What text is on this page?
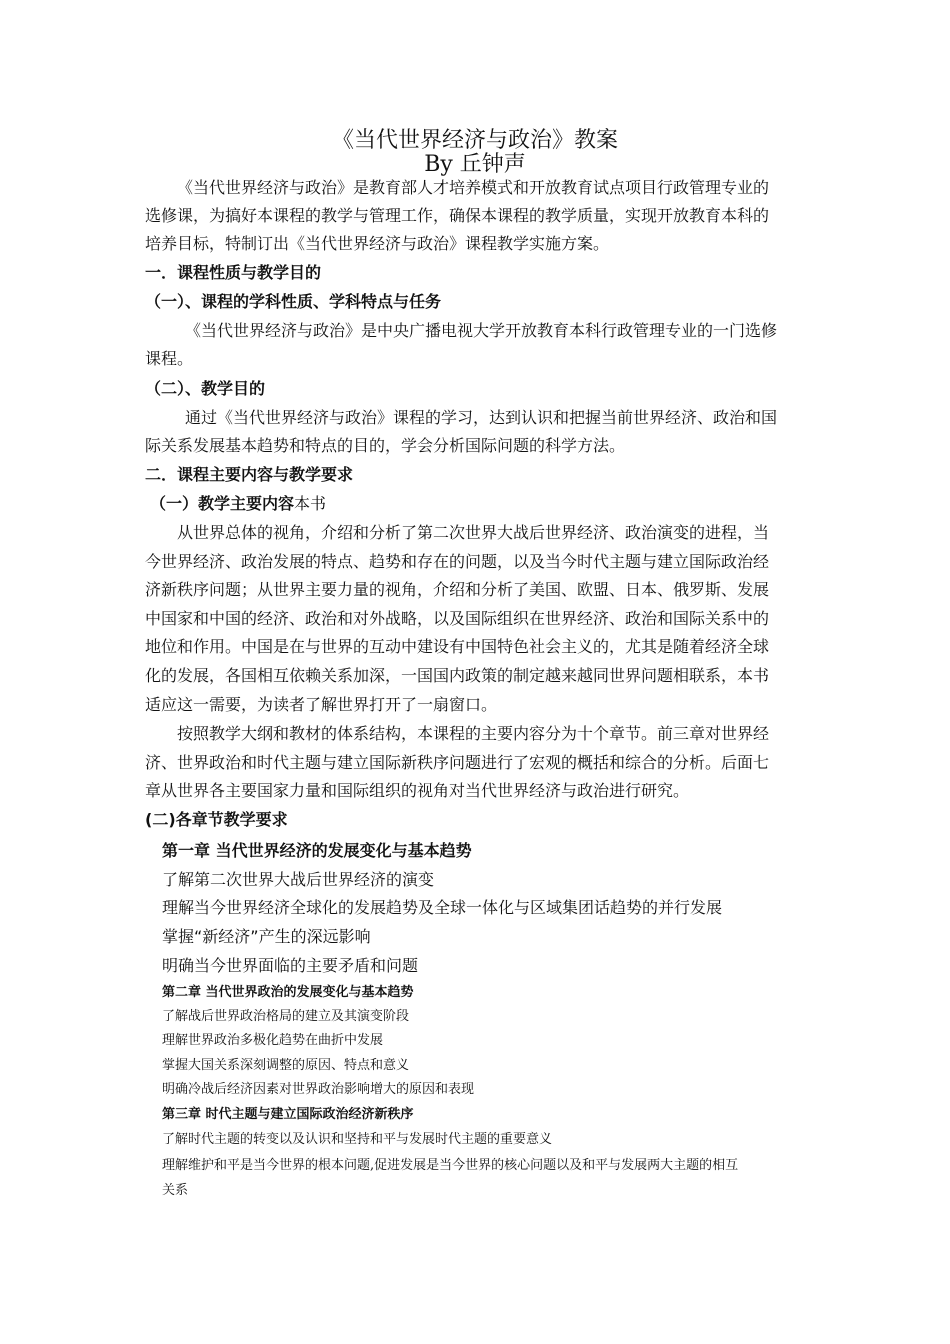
《当代世界经济与政治》教案
By 丘钟声
《当代世界经济与政治》是教育部人才培养模式和开放教育试点项目行政管理专业的
选修课，为搞好本课程的教学与管理工作，确保本课程的教学质量，实现开放教育本科的
培养目标，特制订出《当代世界经济与政治》课程教学实施方案。
一．课程性质与教学目的
（一）、课程的学科性质、学科特点与任务
《当代世界经济与政治》是中央广播电视大学开放教育本科行政管理专业的一门选修
课程。
（二）、教学目的
通过《当代世界经济与政治》课程的学习，达到认识和把握当前世界经济、政治和国
际关系发展基本趋势和特点的目的，学会分析国际问题的科学方法。
二．课程主要内容与教学要求
（一）教学主要内容本书
从世界总体的视角，介绍和分析了第二次世界大战后世界经济、政治演变的进程，当
今世界经济、政治发展的特点、趋势和存在的问题，以及当今时代主题与建立国际政治经
济新秩序问题；从世界主要力量的视角，介绍和分析了美国、欧盟、日本、俄罗斯、发展
中国家和中国的经济、政治和对外战略，以及国际组织在世界经济、政治和国际关系中的
地位和作用。中国是在与世界的互动中建设有中国特色社会主义的，尤其是随着经济全球
化的发展，各国相互依赖关系加深，一国国内政策的制定越来越同世界问题相联系，本书
适应这一需要，为读者了解世界打开了一扇窗口。
按照教学大纲和教材的体系结构，本课程的主要内容分为十个章节。前三章对世界经
济、世界政治和时代主题与建立国际新秩序问题进行了宏观的概括和综合的分析。后面七
章从世界各主要国家力量和国际组织的视角对当代世界经济与政治进行研究。
(二)各章节教学要求
第一章 当代世界经济的发展变化与基本趋势
了解第二次世界大战后世界经济的演变
理解当今世界经济全球化的发展趋势及全球一体化与区域集团话趋势的并行发展
掌握“新经济”产生的深远影响
明确当今世界面临的主要矛盾和问题
第二章 当代世界政治的发展变化与基本趋势
了解战后世界政治格局的建立及其演变阶段
理解世界政治多极化趋势在曲折中发展
掌握大国关系深刻调整的原因、特点和意义
明确冷战后经济因素对世界政治影响增大的原因和表现
第三章 时代主题与建立国际政治经济新秩序
了解时代主题的转变以及认识和坚持和平与发展时代主题的重要意义
理解维护和平是当今世界的根本问题,促进发展是当今世界的核心问题以及和平与发展两大主题的相互
关系
